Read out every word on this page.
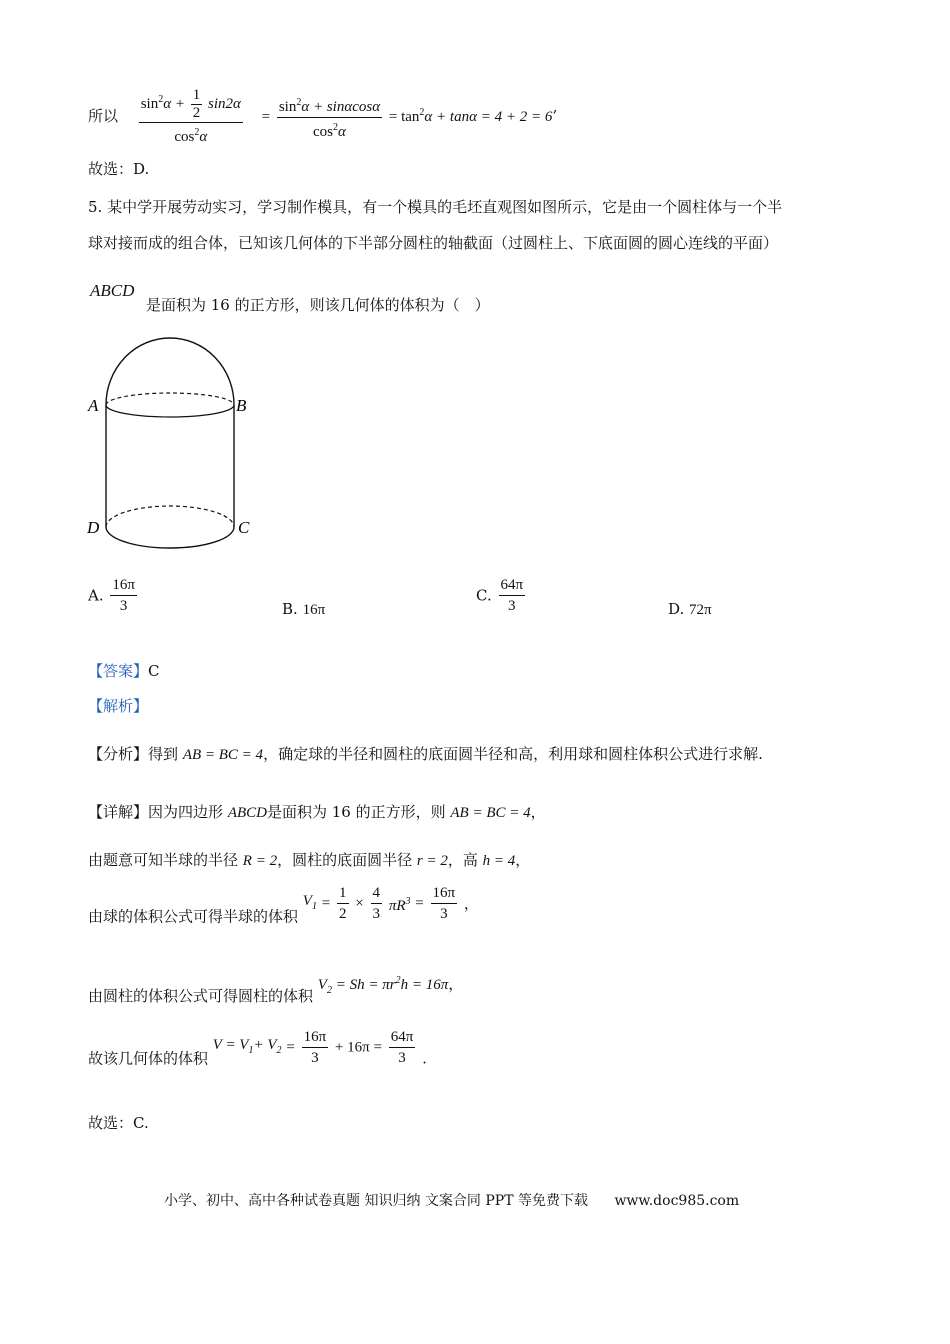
所以 $\frac{\sin^2\alpha + \frac{1}{2} \sin 2\alpha}{\cos^2\alpha} = \frac{\sin^2\alpha + \sin\alpha\cos\alpha}{\cos^2\alpha} = \tan^2\alpha + \tan\alpha = 4 + 2 = 6$’
故选：D.
5. 某中学开展劳动实习，学习制作模具，有一个模具的毛坯直观图如图所示，它是由一个圆柱体与一个半
球对接而成的组合体，已知该几何体的下半部分圆柱的轴截面（过圆柱上、下底面圆的圆心连线的平面）
ABCD
是面积为 16 的正方形，则该几何体的体积为（　）
A	B
C
D
A. $\frac{16\pi}{3}$	B. 16π
C. $\frac{64\pi}{3}$	D. 72π
【答案】C
【解析】
【分析】得到 AB = BC = 4，确定球的半径和圆柱的底面圆半径和高，利用球和圆柱体积公式进行求解.
【详解】因为四边形 ABCD是面积为 16 的正方形，则 AB = BC = 4，
由题意可知半球的半径 R = 2，圆柱的底面圆半径 r = 2，高 h = 4，
由球的体积公式可得半球的体积 $V_1 = \frac{1}{2} \times \frac{4}{3} \pi R^3 = \frac{16\pi}{3}$ ，
由圆柱的体积公式可得圆柱的体积 $V_2 = Sh = \pi r^2h = 16\pi$，
故该几何体的体积 $V = V_1+ V_2 = \frac{16\pi}{3} + 16\pi = \frac{64\pi}{3}$ .
故选：C.
小学、初中、高中各种试卷真题 知识归纳 文案合同 PPT 等免费下载 www.doc985.com
